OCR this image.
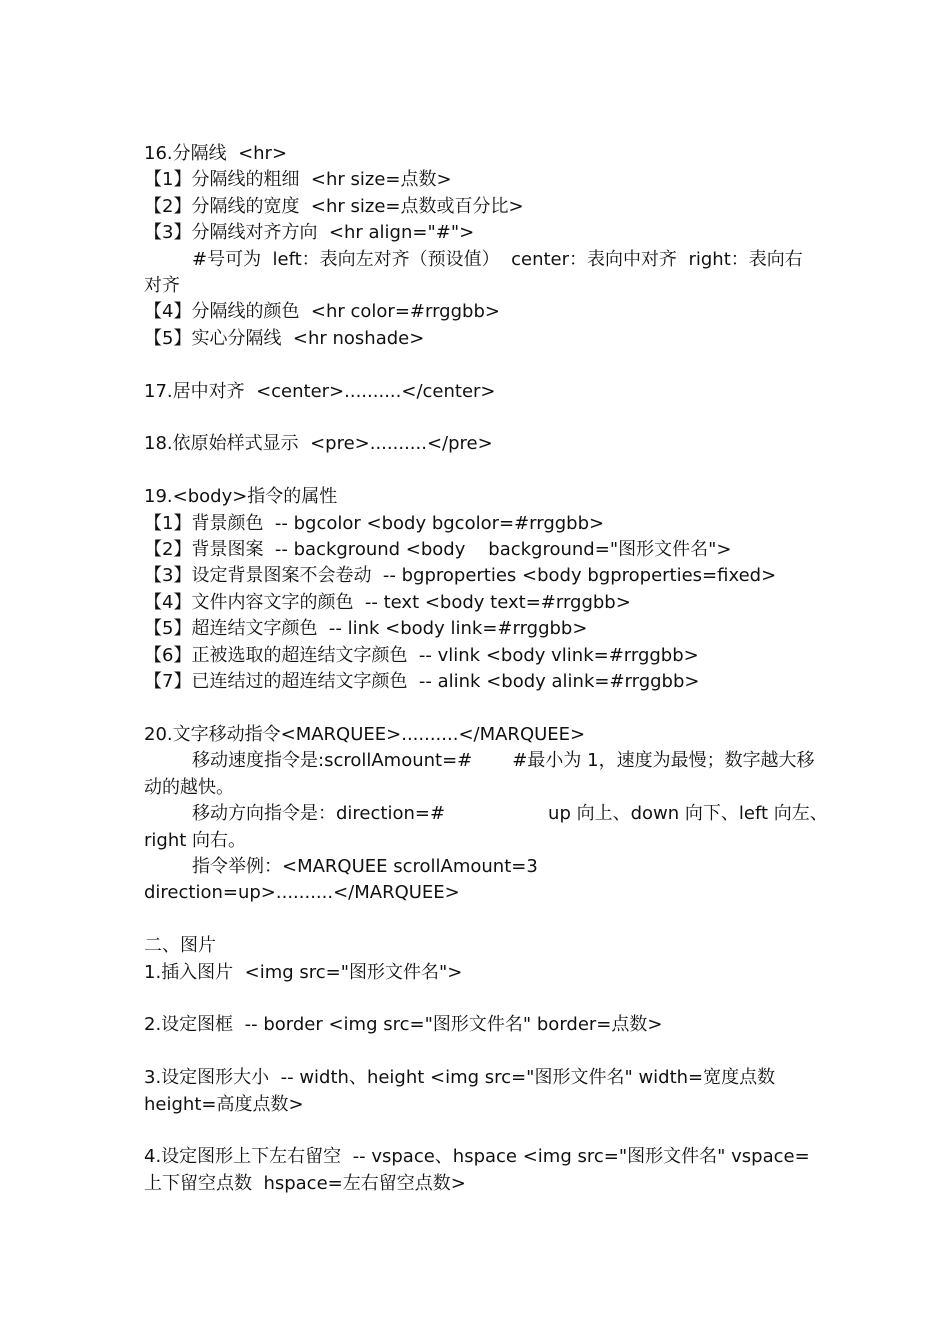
16.分隔线  <hr>
【1】分隔线的粗细  <hr size=点数>
【2】分隔线的宽度  <hr size=点数或百分比>
【3】分隔线对齐方向  <hr align="#">
#号可为  left：表向左对齐（预设值）  center：表向中对齐  right：表向右
对齐
【4】分隔线的颜色  <hr color=#rrggbb>
【5】实心分隔线  <hr noshade>
17.居中对齐  <center>..........</center>
18.依原始样式显示  <pre>..........</pre>
19.<body>指令的属性
【1】背景颜色  -- bgcolor <body bgcolor=#rrggbb>
【2】背景图案  -- background <body    background="图形文件名">
【3】设定背景图案不会卷动  -- bgproperties <body bgproperties=fixed>
【4】文件内容文字的颜色  -- text <body text=#rrggbb>
【5】超连结文字颜色  -- link <body link=#rrggbb>
【6】正被选取的超连结文字颜色  -- vlink <body vlink=#rrggbb>
【7】已连结过的超连结文字颜色  -- alink <body alink=#rrggbb>
20.文字移动指令<MARQUEE>..........</MARQUEE>
移动速度指令是:scrollAmount=#       #最小为 1，速度为最慢；数字越大移
动的越快。
移动方向指令是：direction=#                  up 向上、down 向下、left 向左、
right 向右。
指令举例：<MARQUEE scrollAmount=3
direction=up>..........</MARQUEE>
二、图片
1.插入图片  <img src="图形文件名">
2.设定图框  -- border <img src="图形文件名" border=点数>
3.设定图形大小  -- width、height <img src="图形文件名" width=宽度点数
height=高度点数>
4.设定图形上下左右留空  -- vspace、hspace <img src="图形文件名" vspace=
上下留空点数  hspace=左右留空点数>
